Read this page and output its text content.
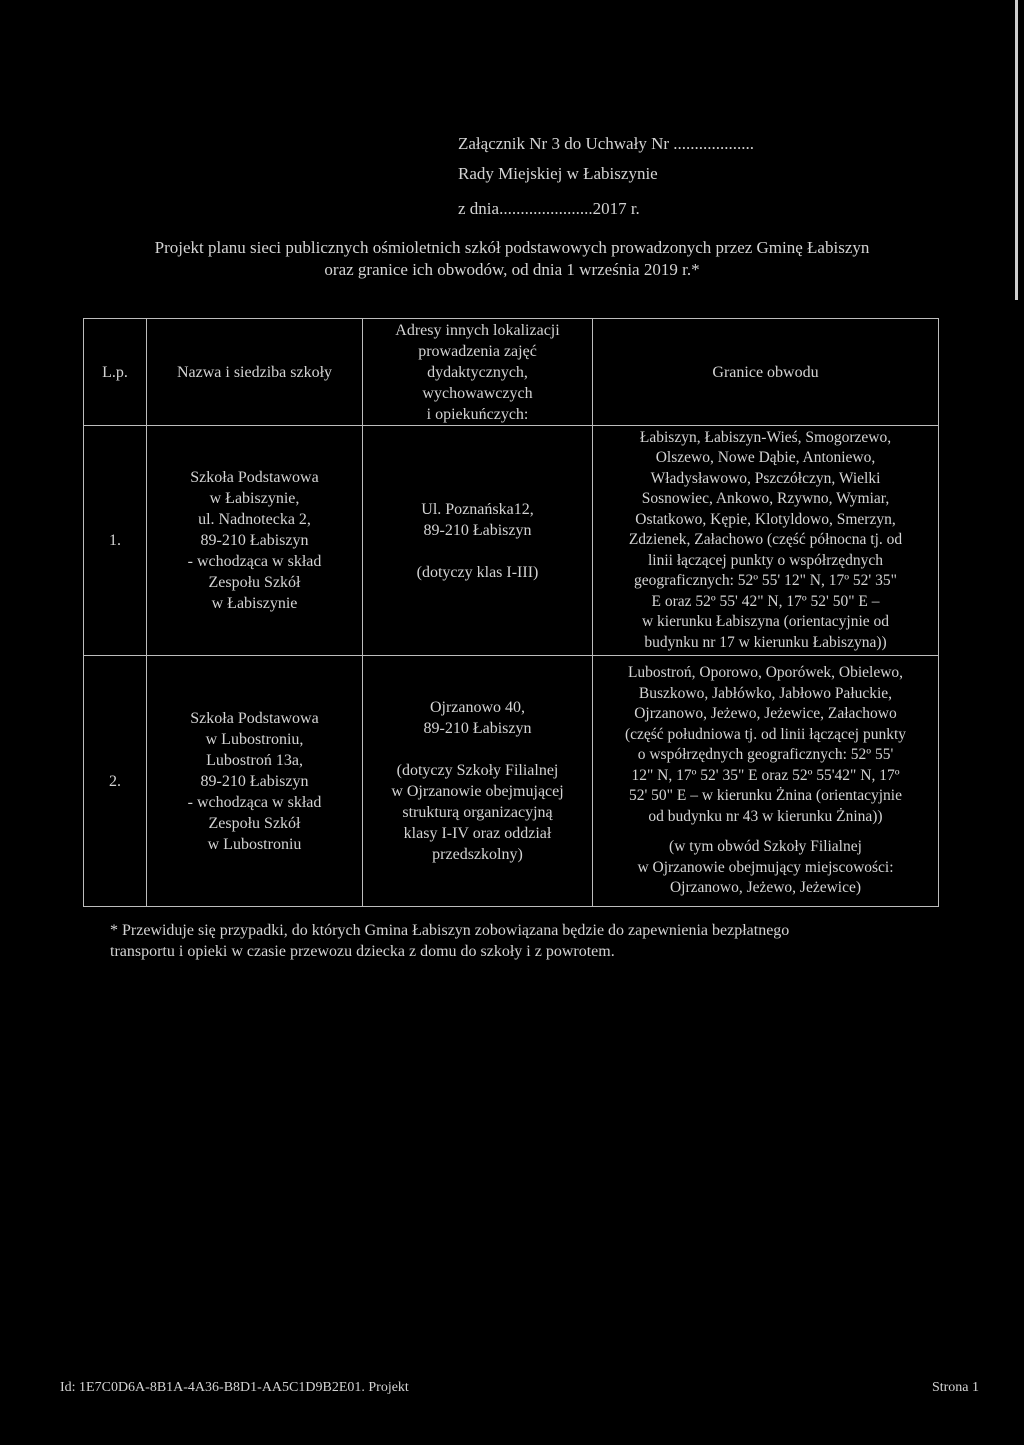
Załącznik Nr 3 do Uchwały Nr ...................
Rady Miejskiej w Łabiszynie
z dnia......................2017 r.
Projekt planu sieci publicznych ośmioletnich szkół podstawowych prowadzonych przez Gminę Łabiszyn
oraz granice ich obwodów, od dnia 1 września 2019 r.*
L.p.	Nazwa i siedziba szkoły
Adresy innych lokalizacji
prowadzenia zajęć
dydaktycznych,
wychowawczych
i opiekuńczych:
Granice obwodu
1.
Szkoła Podstawowa
w Łabiszynie,
ul. Nadnotecka 2,
89-210 Łabiszyn
- wchodząca w skład
Zespołu Szkół
w Łabiszynie
Ul. Poznańska12,
89-210 Łabiszyn
(dotyczy klas I-III)
Łabiszyn, Łabiszyn-Wieś, Smogorzewo,
Olszewo, Nowe Dąbie, Antoniewo,
Władysławowo, Pszczółczyn, Wielki
Sosnowiec, Ankowo, Rzywno, Wymiar,
Ostatkowo, Kępie, Klotyldowo, Smerzyn,
Zdzienek, Załachowo (część północna tj. od
linii łączącej punkty o współrzędnych
geograficznych: 52º 55' 12" N, 17º 52' 35"
E oraz 52º 55' 42" N, 17º 52' 50" E –
w kierunku Łabiszyna (orientacyjnie od
budynku nr 17 w kierunku Łabiszyna))
2.
Szkoła Podstawowa
w Lubostroniu,
Lubostroń 13a,
89-210 Łabiszyn
- wchodząca w skład
Zespołu Szkół
w Lubostroniu
Ojrzanowo 40,
89-210 Łabiszyn
(dotyczy Szkoły Filialnej
w Ojrzanowie obejmującej
strukturą organizacyjną
klasy I-IV oraz oddział
przedszkolny)
Lubostroń, Oporowo, Oporówek, Obielewo,
Buszkowo, Jabłówko, Jabłowo Pałuckie,
Ojrzanowo, Jeżewo, Jeżewice, Załachowo
(część południowa tj. od linii łączącej punkty
o współrzędnych geograficznych: 52º 55'
12" N, 17º 52' 35" E oraz 52º 55'42" N, 17º
52' 50" E – w kierunku Żnina (orientacyjnie
od budynku nr 43 w kierunku Żnina))
(w tym obwód Szkoły Filialnej
w Ojrzanowie obejmujący miejscowości:
Ojrzanowo, Jeżewo, Jeżewice)
* Przewiduje się przypadki, do których Gmina Łabiszyn zobowiązana będzie do zapewnienia bezpłatnego
transportu i opieki w czasie przewozu dziecka z domu do szkoły i z powrotem.
Id: 1E7C0D6A-8B1A-4A36-B8D1-AA5C1D9B2E01. Projekt	Strona 1
